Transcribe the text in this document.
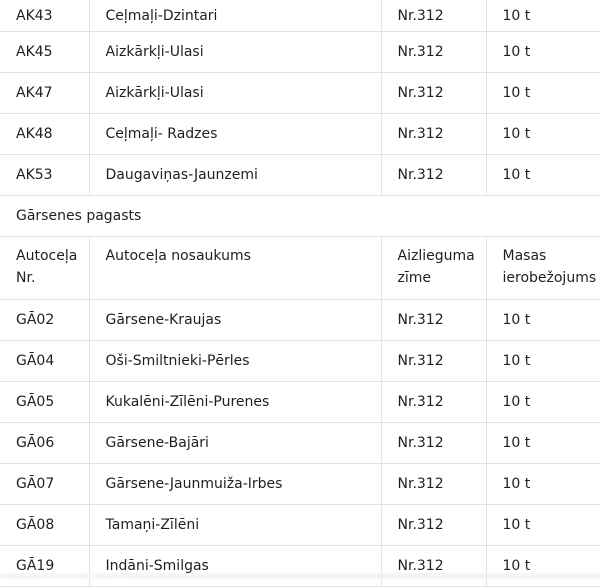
AK43	Ceļmaļi-Dzintari	Nr.312	10 t
AK45	Aizkārkļi-Ulasi	Nr.312	10 t
AK47	Aizkārkļi-Ulasi	Nr.312	10 t
AK48	Ceļmaļi- Radzes	Nr.312	10 t
AK53	Daugaviņas-Jaunzemi	Nr.312	10 t
Gārsenes pagasts
Autoceļa Nr.	Autoceļa nosaukums	Aizlieguma zīme	Masas ierobežojums
GĀ02	Gārsene-Kraujas	Nr.312	10 t
GĀ04	Oši-Smiltnieki-Pērles	Nr.312	10 t
GĀ05	Kukalēni-Zīlēni-Purenes	Nr.312	10 t
GĀ06	Gārsene-Bajāri	Nr.312	10 t
GĀ07	Gārsene-Jaunmuiža-Irbes	Nr.312	10 t
GĀ08	Tamaņi-Zīlēni	Nr.312	10 t
GĀ19	Indāni-Smilgas	Nr.312	10 t
